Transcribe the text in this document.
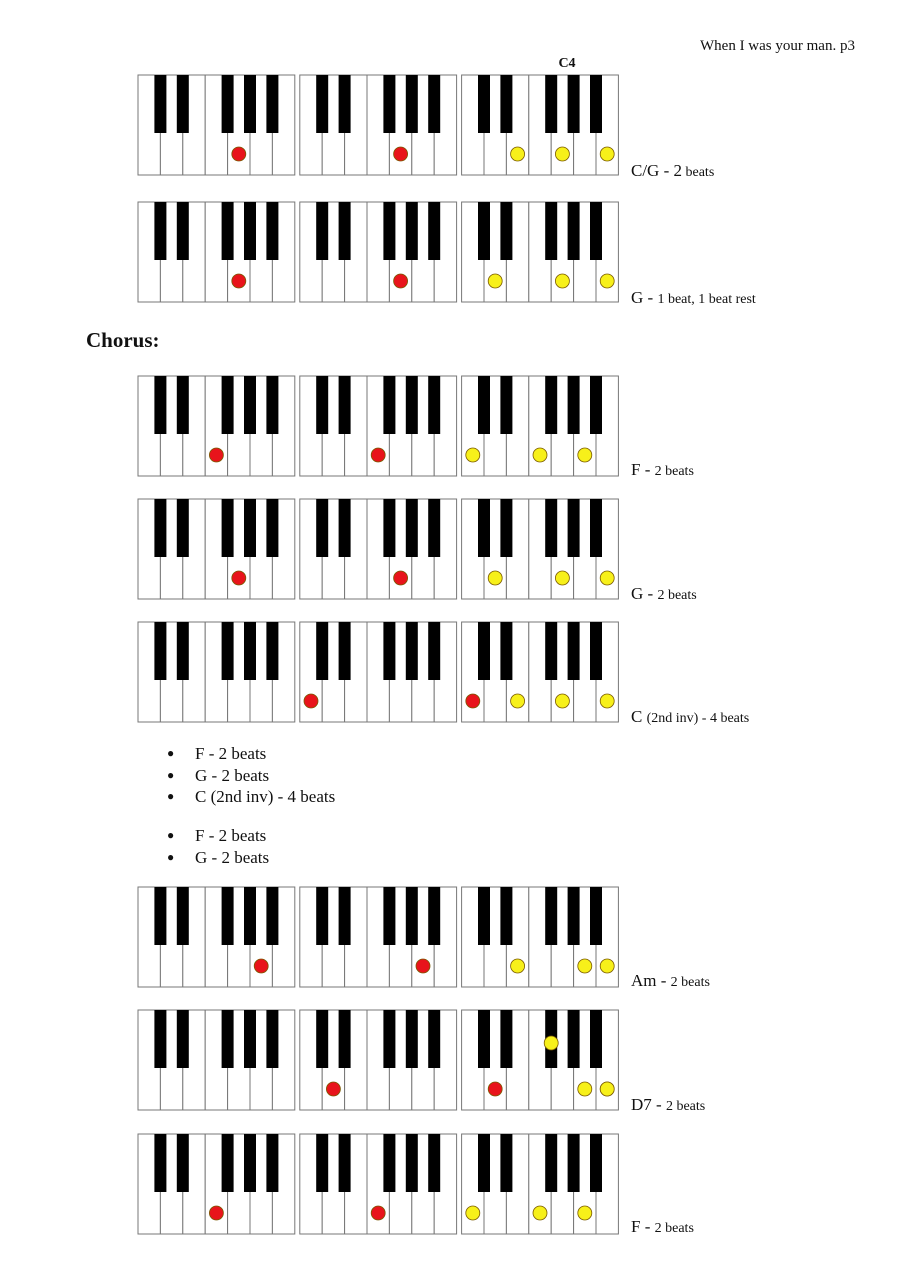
When I was your man. p3
C4
C/G - 2 beats
G - 1 beat, 1 beat rest
Chorus:
F - 2 beats
G - 2 beats
C (2nd inv) - 4 beats
● F - 2 beats
● G - 2 beats
● C (2nd inv) - 4 beats
● F - 2 beats
● G - 2 beats
Am - 2 beats
D7 - 2 beats
F - 2 beats
